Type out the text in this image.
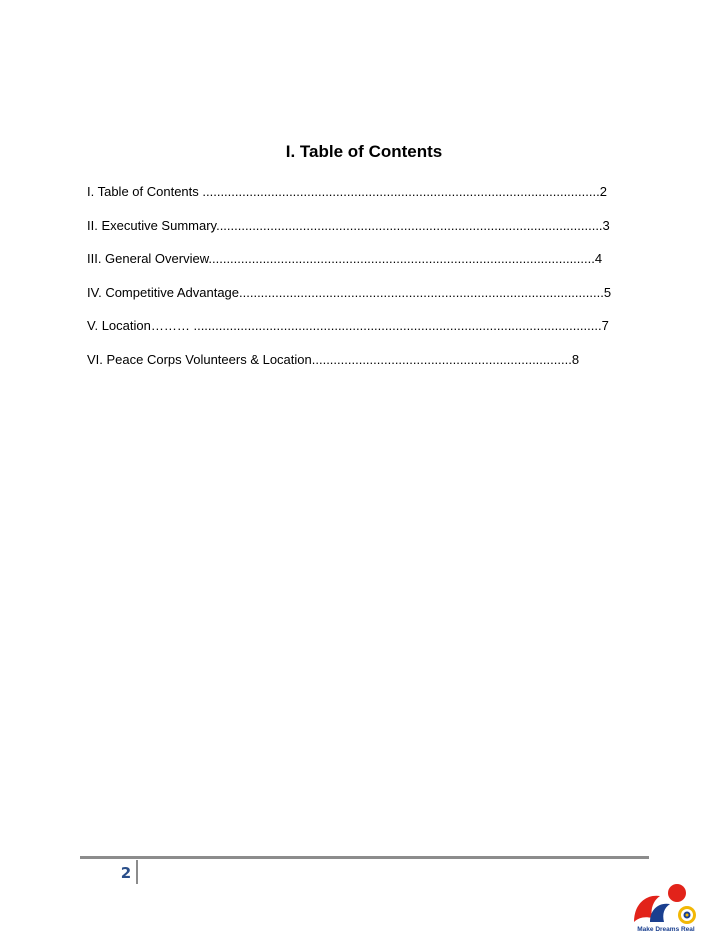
I. Table of Contents
I. Table of Contents ..............................................................................................................2
II. Executive Summary...........................................................................................................3
III. General Overview...........................................................................................................4
IV. Competitive Advantage.....................................................................................................5
V. Location……… .................................................................................................................7
VI. Peace Corps Volunteers & Location........................................................................8
2
Make Dreams Real
